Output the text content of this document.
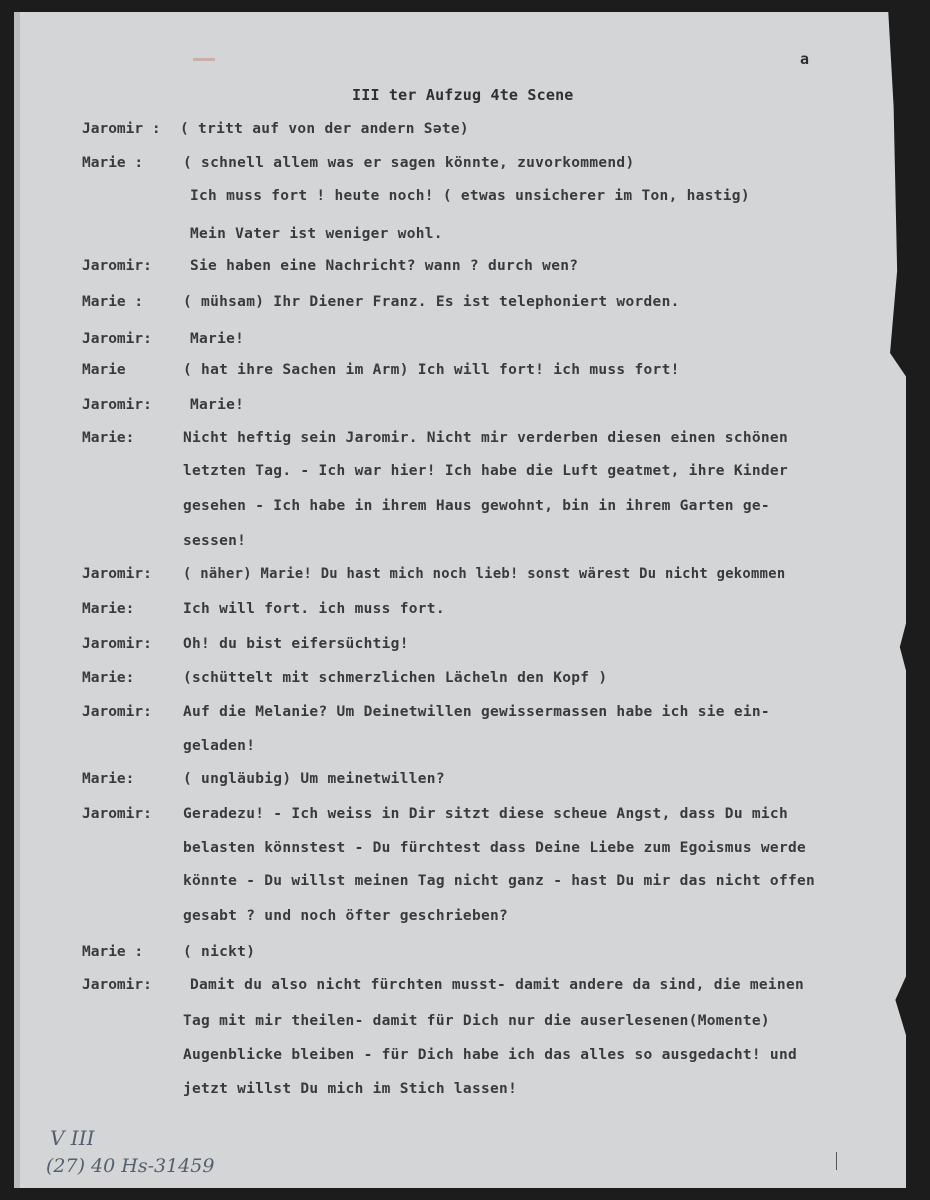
a
III ter Aufzug 4te Scene
Jaromir : ( tritt auf von der andern Sәte)
Marie :	( schnell allem was er sagen könnte, zuvorkommend)
Ich muss fort ! heute noch! ( etwas unsicherer im Ton, hastig)
Mein Vater ist weniger wohl.
Jaromir:	Sie haben eine Nachricht? wann ? durch wen?
Marie :	( mühsam) Ihr Diener Franz. Es ist telephoniert worden.
Jaromir:	Marie!
Marie	( hat ihre Sachen im Arm) Ich will fort! ich muss fort!
Jaromir:	Marie!
Marie:	Nicht heftig sein Jaromir. Nicht mir verderben diesen einen schönen
letzten Tag. - Ich war hier! Ich habe die Luft geatmet, ihre Kinder
gesehen - Ich habe in ihrem Haus gewohnt, bin in ihrem Garten ge-
sessen!
Jaromir: ( näher) Marie! Du hast mich noch lieb! sonst wärest Du nicht gekommen
Marie:	Ich will fort. ich muss fort.
Jaromir: Oh! du bist eifersüchtig!
Marie:	(schüttelt mit schmerzlichen Lächeln den Kopf )
Jaromir: Auf die Melanie? Um Deinetwillen gewissermassen habe ich sie ein-
geladen!
Marie:	( ungläubig) Um meinetwillen?
Jaromir: Geradezu! - Ich weiss in Dir sitzt diese scheue Angst, dass Du mich
belasten könnstest - Du fürchtest dass Deine Liebe zum Egoismus werde
könnte - Du willst meinen Tag nicht ganz - hast Du mir das nicht offen
gesabt ? und noch öfter geschrieben?
Marie :	( nickt)
Jaromir:	Damit du also nicht fürchten musst- damit andere da sind, die meinen
Tag mit mir theilen- damit für Dich nur die auserlesenen(Momente)
Augenblicke bleiben - für Dich habe ich das alles so ausgedacht! und
jetzt willst Du mich im Stich lassen!
V III
(27) 40 Hs-31459
